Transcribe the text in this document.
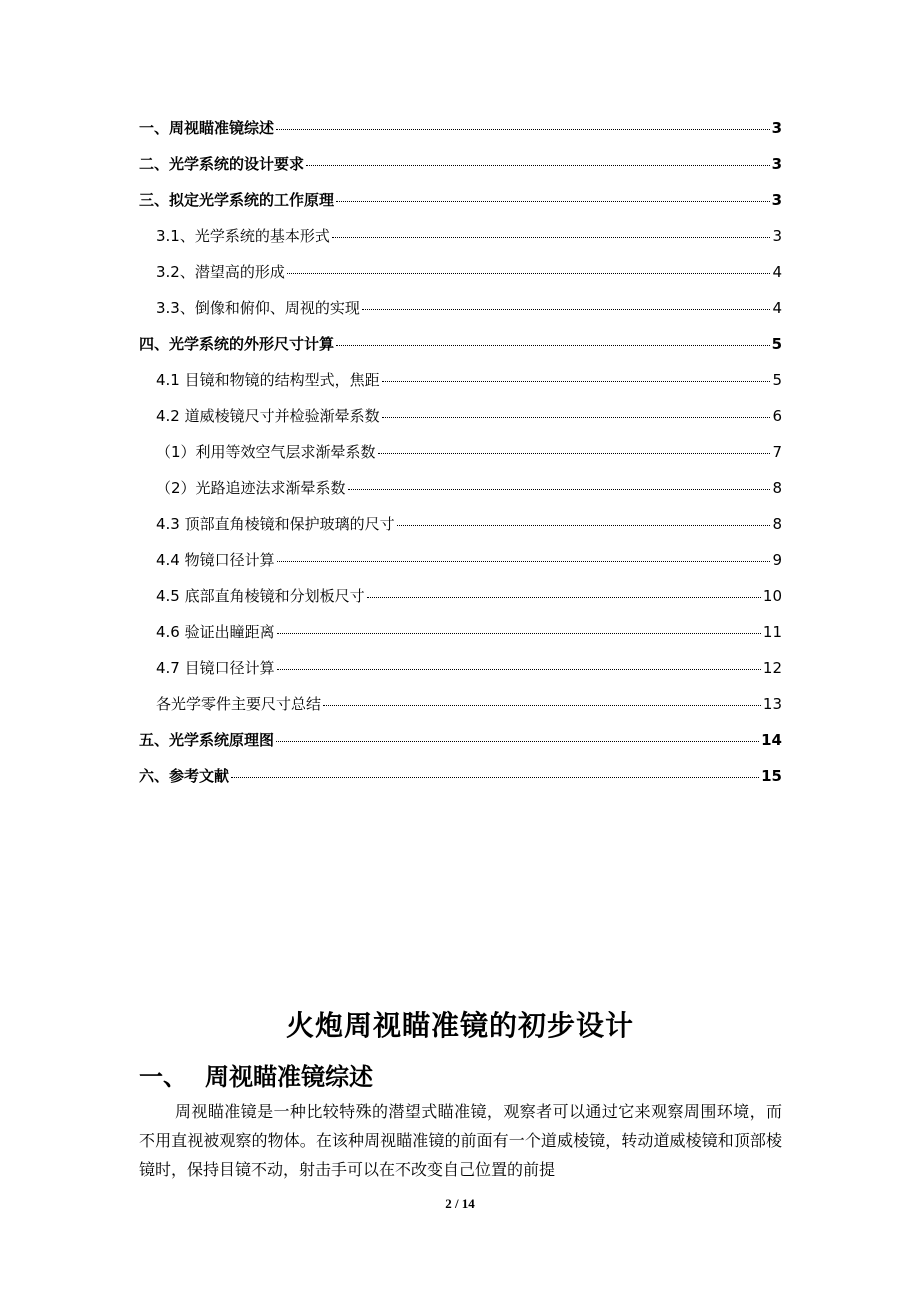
一、周视瞄准镜综述	3
二、光学系统的设计要求	3
三、拟定光学系统的工作原理	3
3.1、光学系统的基本形式	3
3.2、潜望高的形成	4
3.3、倒像和俯仰、周视的实现	4
四、光学系统的外形尺寸计算	5
4.1 目镜和物镜的结构型式，焦距	5
4.2 道威棱镜尺寸并检验渐晕系数	6
（1）利用等效空气层求渐晕系数	7
（2）光路追迹法求渐晕系数	8
4.3 顶部直角棱镜和保护玻璃的尺寸	8
4.4 物镜口径计算	9
4.5 底部直角棱镜和分划板尺寸	10
4.6 验证出瞳距离	11
4.7 目镜口径计算	12
各光学零件主要尺寸总结	13
五、光学系统原理图	14
六、参考文献	15
火炮周视瞄准镜的初步设计
一、 周视瞄准镜综述
周视瞄准镜是一种比较特殊的潜望式瞄准镜，观察者可以通过它来观察周围环境，而不用直视被观察的物体。在该种周视瞄准镜的前面有一个道威棱镜，转动道威棱镜和顶部棱镜时，保持目镜不动，射击手可以在不改变自己位置的前提
2 / 14
